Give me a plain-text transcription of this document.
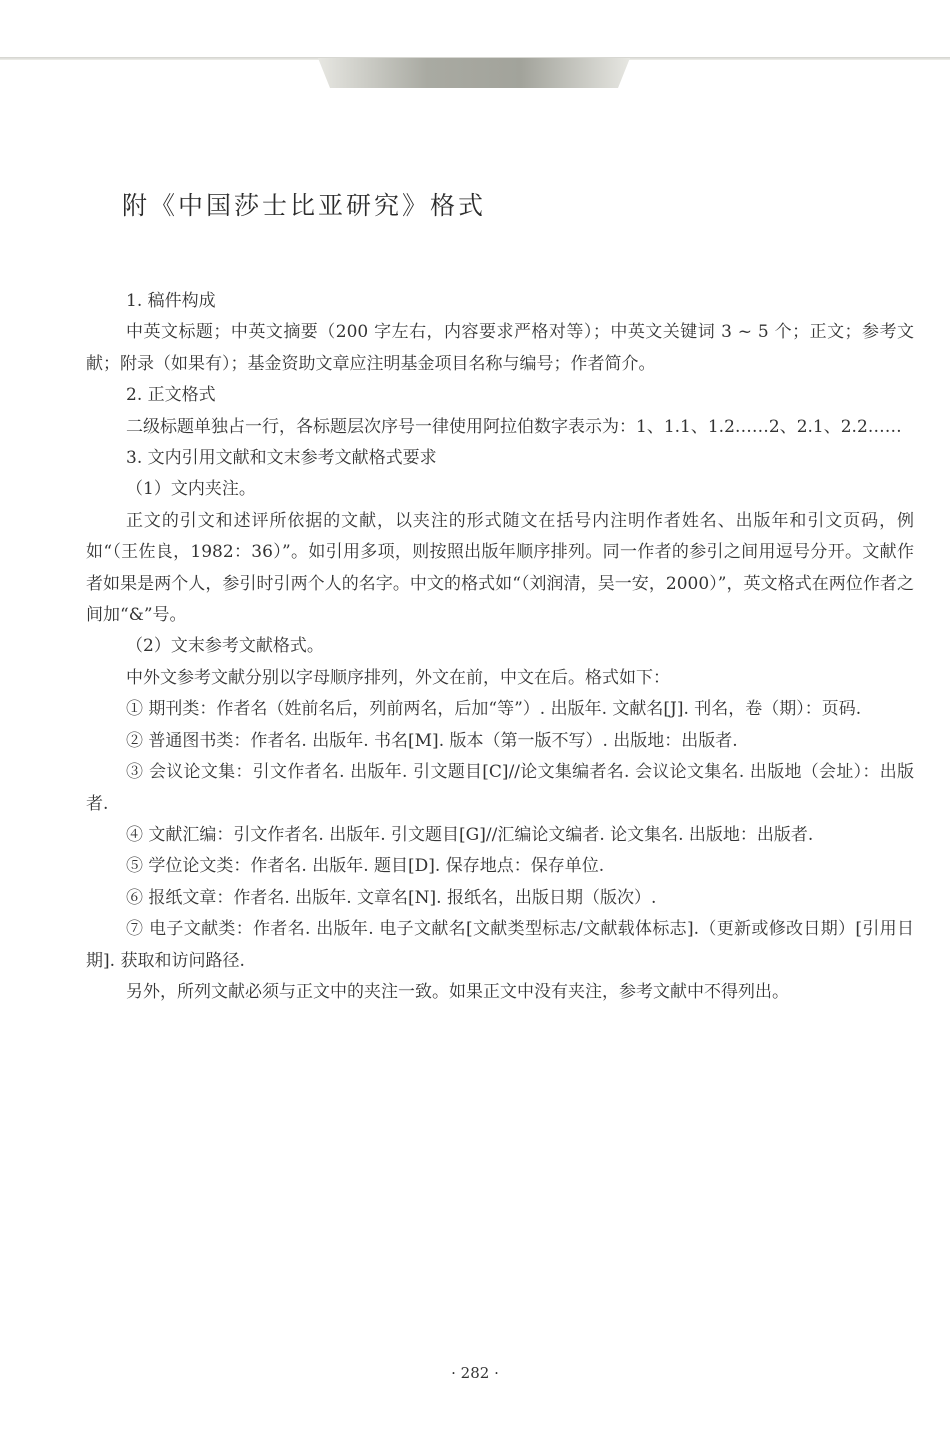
附《中国莎士比亚研究》格式

1. 稿件构成

中英文标题；中英文摘要（200 字左右，内容要求严格对等）；中英文关键词 3 ~ 5 个；正文；参考文献；附录（如果有）；基金资助文章应注明基金项目名称与编号；作者简介。

2. 正文格式

二级标题单独占一行，各标题层次序号一律使用阿拉伯数字表示为：1、1.1、1.2……2、2.1、2.2……

3. 文内引用文献和文末参考文献格式要求

（1）文内夹注。

正文的引文和述评所依据的文献，以夹注的形式随文在括号内注明作者姓名、出版年和引文页码，例如“（王佐良，1982：36）”。如引用多项，则按照出版年顺序排列。同一作者的参引之间用逗号分开。文献作者如果是两个人，参引时引两个人的名字。中文的格式如“（刘润清，吴一安，2000）”，英文格式在两位作者之间加“&”号。

（2）文末参考文献格式。

中外文参考文献分别以字母顺序排列，外文在前，中文在后。格式如下：

① 期刊类：作者名（姓前名后，列前两名，后加“等”）. 出版年. 文献名[J]. 刊名，卷（期）：页码.

② 普通图书类：作者名. 出版年. 书名[M]. 版本（第一版不写）. 出版地：出版者.

③ 会议论文集：引文作者名. 出版年. 引文题目[C]//论文集编者名. 会议论文集名. 出版地（会址）：出版者.

④ 文献汇编：引文作者名. 出版年. 引文题目[G]//汇编论文编者. 论文集名. 出版地：出版者.

⑤ 学位论文类：作者名. 出版年. 题目[D]. 保存地点：保存单位.

⑥ 报纸文章：作者名. 出版年. 文章名[N]. 报纸名，出版日期（版次）.

⑦ 电子文献类：作者名. 出版年. 电子文献名[文献类型标志/文献载体标志].（更新或修改日期）[引用日期]. 获取和访问路径.

另外，所列文献必须与正文中的夹注一致。如果正文中没有夹注，参考文献中不得列出。

· 282 ·
